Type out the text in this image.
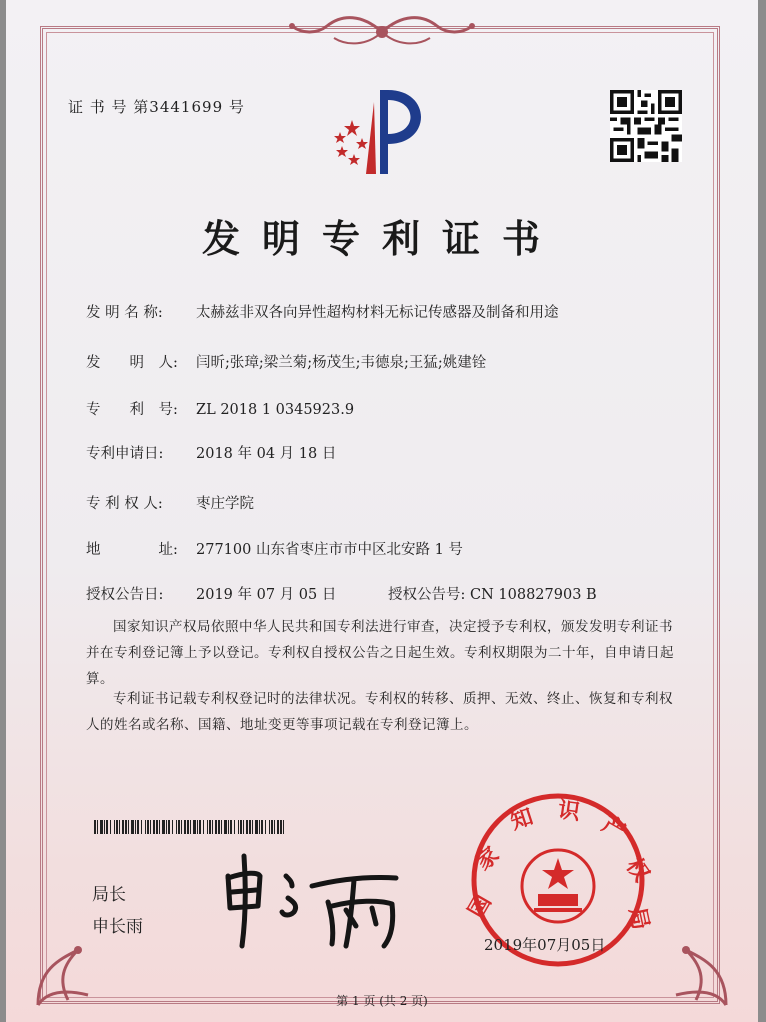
证 书 号 第3441699 号
发明专利证书
发 明 名 称: 太赫兹非双各向异性超构材料无标记传感器及制备和用途
发　　明　人: 闫昕;张璋;梁兰菊;杨茂生;韦德泉;王猛;姚建铨
专　　利　号: ZL 2018 1 0345923.9
专利申请日: 2018 年 04 月 18 日
专 利 权 人: 枣庄学院
地　　　　址: 277100 山东省枣庄市市中区北安路 1 号
授权公告日: 2019 年 07 月 05 日	授权公告号: CN 108827903 B
国家知识产权局依照中华人民共和国专利法进行审查，决定授予专利权，颁发发明专利证书并在专利登记簿上予以登记。专利权自授权公告之日起生效。专利权期限为二十年，自申请日起算。
专利证书记载专利权登记时的法律状况。专利权的转移、质押、无效、终止、恢复和专利权人的姓名或名称、国籍、地址变更等事项记载在专利登记簿上。
局长
申长雨
国
家
知 识
产
权
局
2019年07月05日
第 1 页 (共 2 页)
